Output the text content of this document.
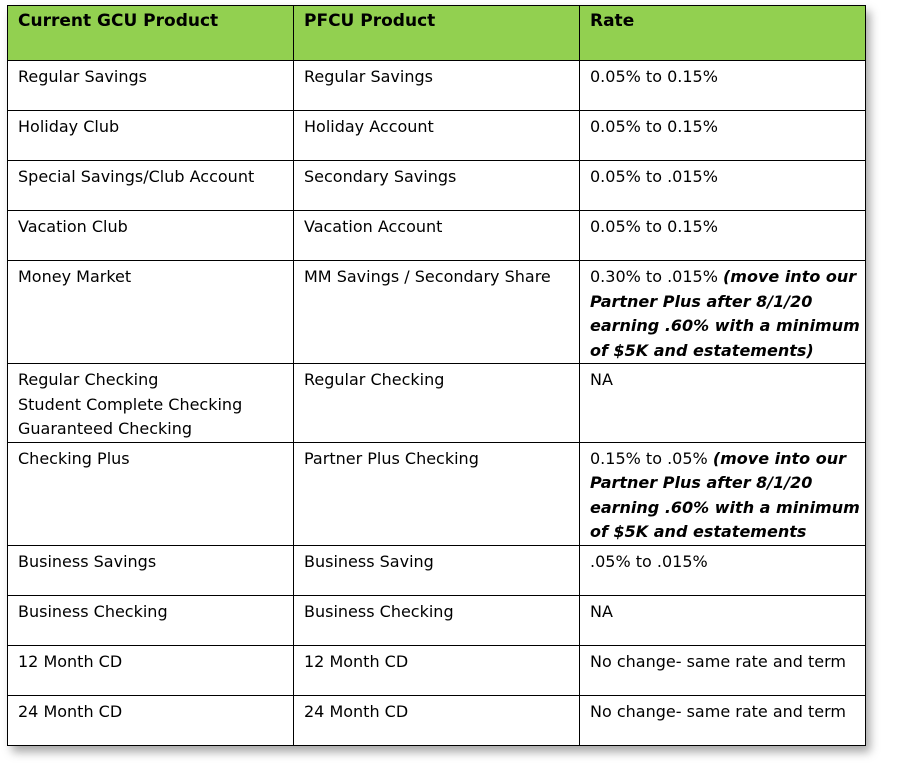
Current GCU Product	PFCU Product	Rate

Regular Savings	Regular Savings	0.05% to 0.15%

Holiday Club	Holiday Account	0.05% to 0.15%

Special Savings/Club Account	Secondary Savings	0.05% to .015%

Vacation Club	Vacation Account	0.05% to 0.15%

Money Market	MM Savings / Secondary Share	0.30% to .015% (move into our
Partner Plus after 8/1/20
earning .60% with a minimum
of $5K and estatements)

Regular Checking
Student Complete Checking
Guaranteed Checking	Regular Checking	NA

Checking Plus	Partner Plus Checking	0.15% to .05% (move into our
Partner Plus after 8/1/20
earning .60% with a minimum
of $5K and estatements

Business Savings	Business Saving	.05% to .015%

Business Checking	Business Checking	NA

12 Month CD	12 Month CD	No change- same rate and term

24 Month CD	24 Month CD	No change- same rate and term
